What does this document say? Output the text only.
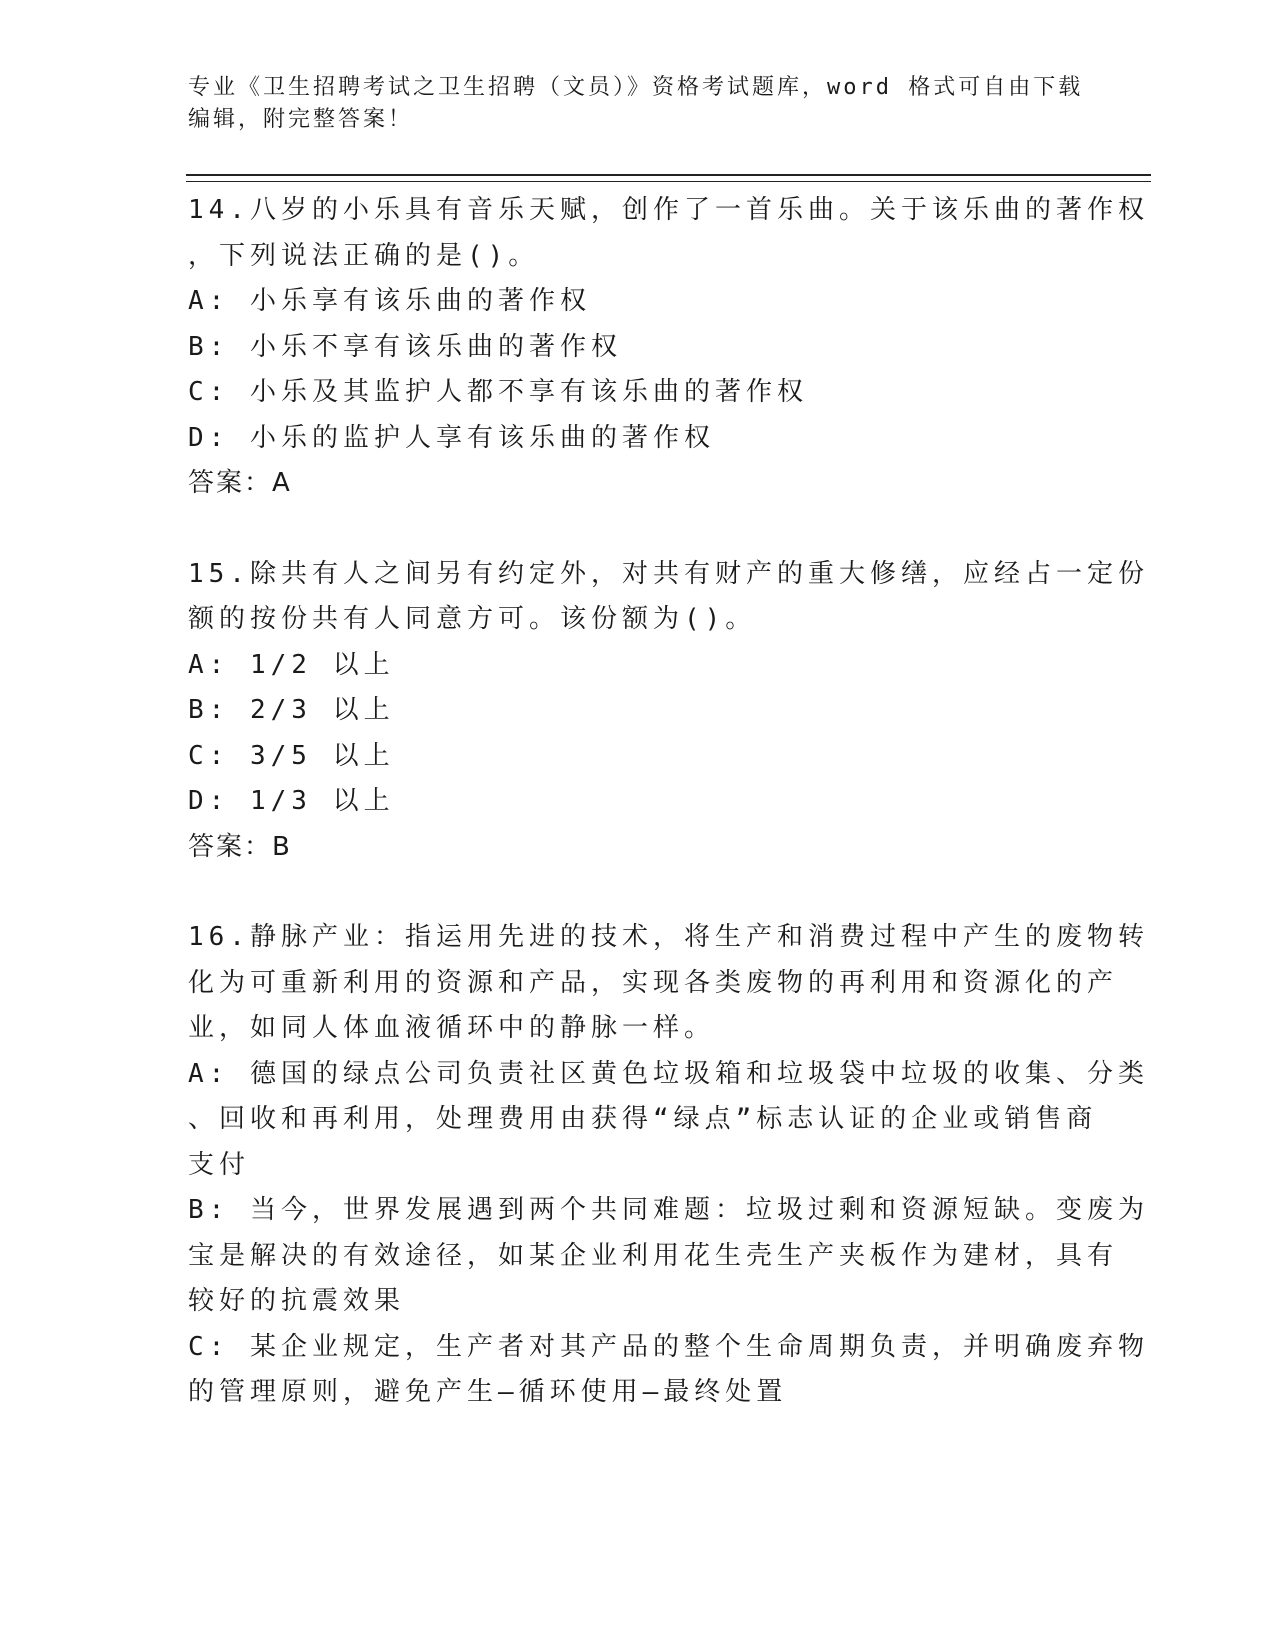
专业《卫生招聘考试之卫生招聘（文员）》资格考试题库，word 格式可自由下载
编辑，附完整答案！
14.八岁的小乐具有音乐天赋，创作了一首乐曲。关于该乐曲的著作权
，下列说法正确的是()。
A: 小乐享有该乐曲的著作权
B: 小乐不享有该乐曲的著作权
C: 小乐及其监护人都不享有该乐曲的著作权
D: 小乐的监护人享有该乐曲的著作权
答案：A
15.除共有人之间另有约定外，对共有财产的重大修缮，应经占一定份
额的按份共有人同意方可。该份额为()。
A: 1/2 以上
B: 2/3 以上
C: 3/5 以上
D: 1/3 以上
答案：B
16.静脉产业：指运用先进的技术，将生产和消费过程中产生的废物转
化为可重新利用的资源和产品，实现各类废物的再利用和资源化的产
业，如同人体血液循环中的静脉一样。
A: 德国的绿点公司负责社区黄色垃圾箱和垃圾袋中垃圾的收集、分类
、回收和再利用，处理费用由获得“绿点”标志认证的企业或销售商
支付
B: 当今，世界发展遇到两个共同难题：垃圾过剩和资源短缺。变废为
宝是解决的有效途径，如某企业利用花生壳生产夹板作为建材，具有
较好的抗震效果
C: 某企业规定，生产者对其产品的整个生命周期负责，并明确废弃物
的管理原则，避免产生—循环使用—最终处置
